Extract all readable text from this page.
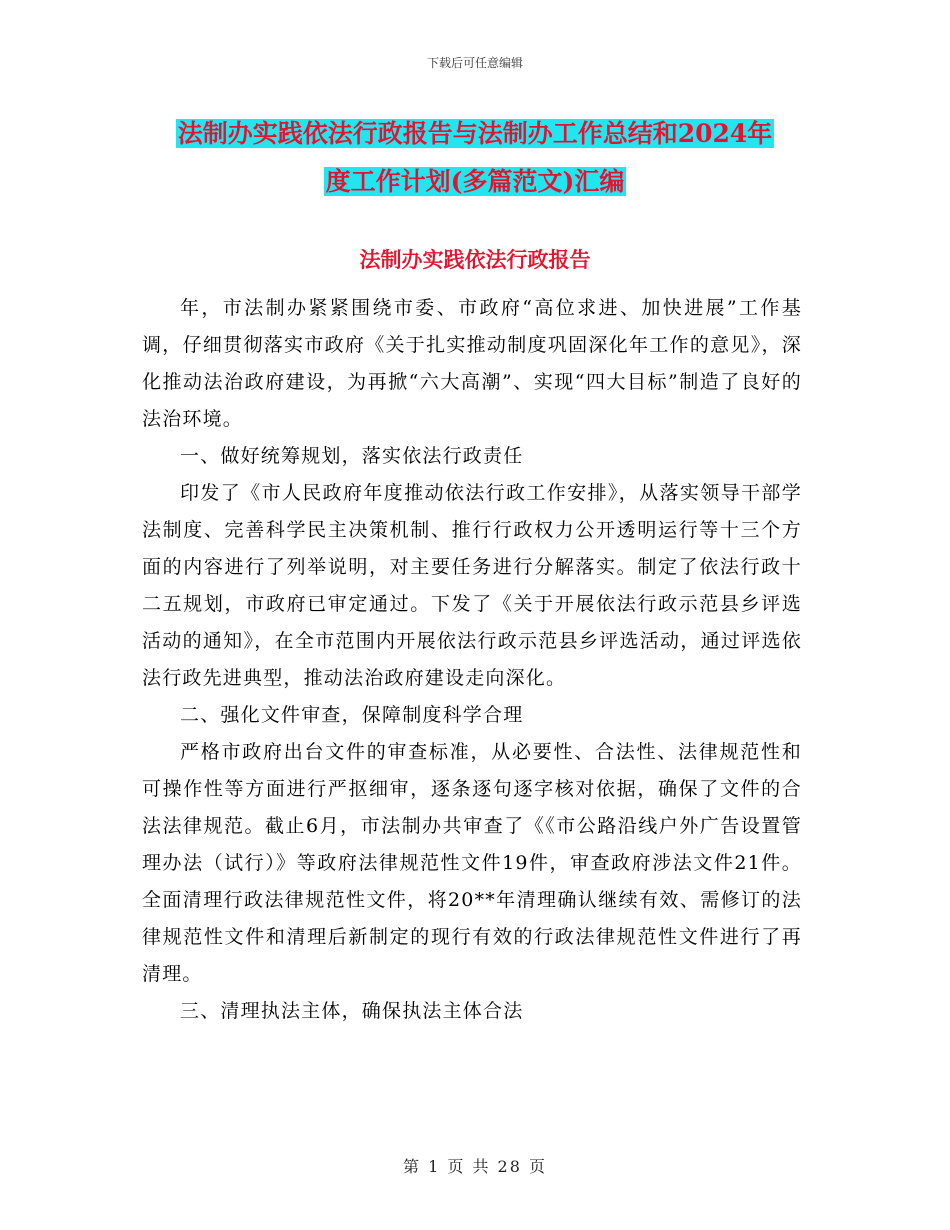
下载后可任意编辑
法制办实践依法行政报告与法制办工作总结和2024年
度工作计划(多篇范文)汇编
法制办实践依法行政报告

年，市法制办紧紧围绕市委、市政府“高位求进、加快进展”工作基调，仔细贯彻落实市政府《关于扎实推动制度巩固深化年工作的意见》，深化推动法治政府建设，为再掀“六大高潮”、实现“四大目标”制造了良好的法治环境。

一、做好统筹规划，落实依法行政责任

印发了《市人民政府年度推动依法行政工作安排》，从落实领导干部学法制度、完善科学民主决策机制、推行行政权力公开透明运行等十三个方面的内容进行了列举说明，对主要任务进行分解落实。制定了依法行政十二五规划，市政府已审定通过。下发了《关于开展依法行政示范县乡评选活动的通知》，在全市范围内开展依法行政示范县乡评选活动，通过评选依法行政先进典型，推动法治政府建设走向深化。

二、强化文件审查，保障制度科学合理

严格市政府出台文件的审查标准，从必要性、合法性、法律规范性和可操作性等方面进行严抠细审，逐条逐句逐字核对依据，确保了文件的合法法律规范。截止6月，市法制办共审查了《《市公路沿线户外广告设置管理办法（试行）》等政府法律规范性文件19件，审查政府涉法文件21件。全面清理行政法律规范性文件，将20**年清理确认继续有效、需修订的法律规范性文件和清理后新制定的现行有效的行政法律规范性文件进行了再清理。

三、清理执法主体，确保执法主体合法

第 1 页 共 28 页
